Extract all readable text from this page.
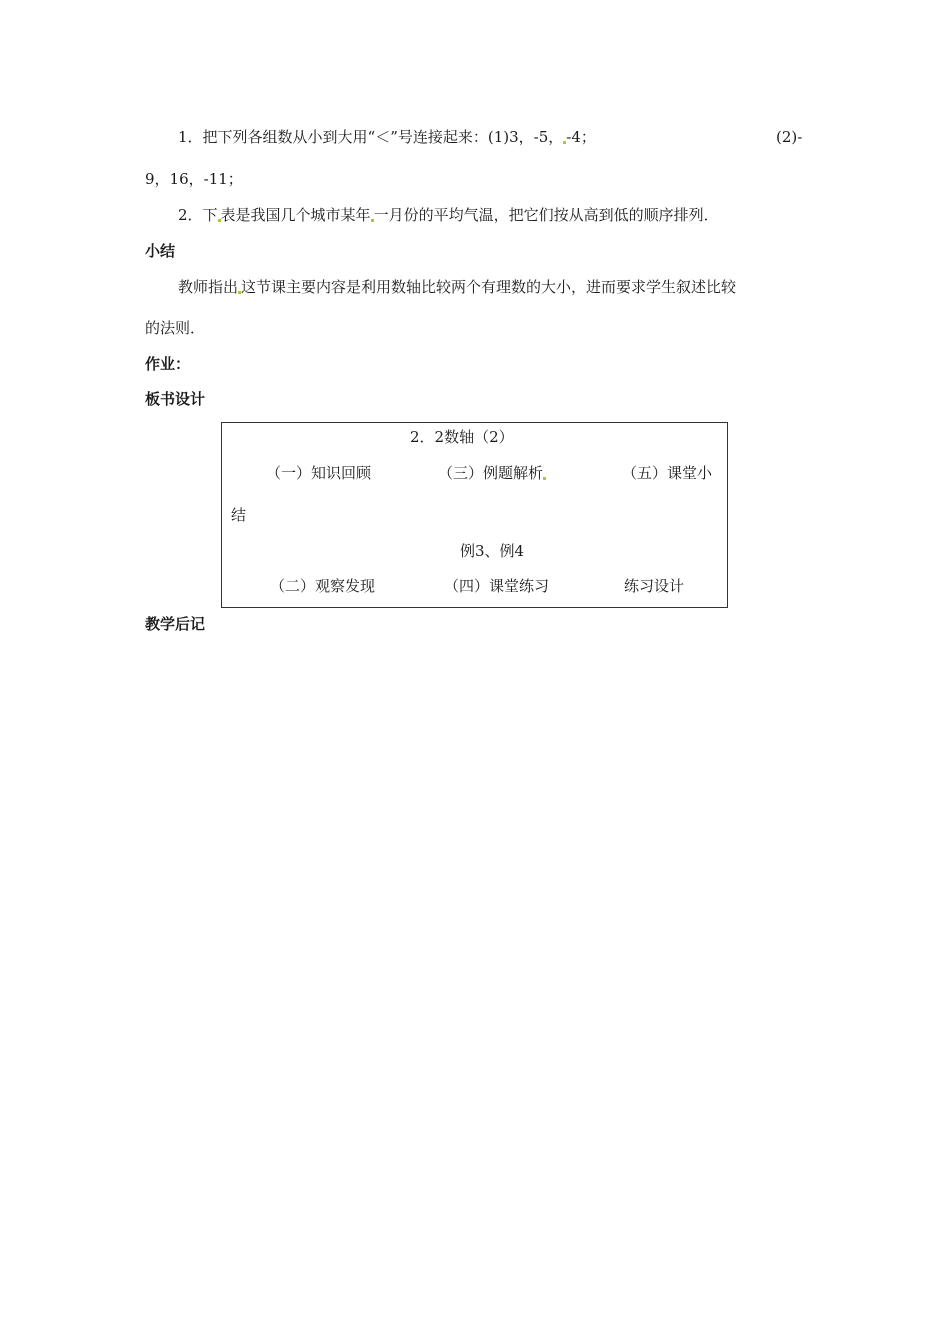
1．把下列各组数从小到大用“＜”号连接起来：(1)3，-5， -4；	(2)-
9，16，-11；
2．下 表是我国几个城市某年 一月份的平均气温，把它们按从高到低的顺序排列．
小结
教师指出 这节课主要内容是利用数轴比较两个有理数的大小，进而要求学生叙述比较
的法则．
作业：
板书设计
2．2数轴（2）
（一）知识回顾	（三）例题解析	（五）课堂小
结
例3、例4
（二）观察发现	（四）课堂练习	练习设计
教学后记
